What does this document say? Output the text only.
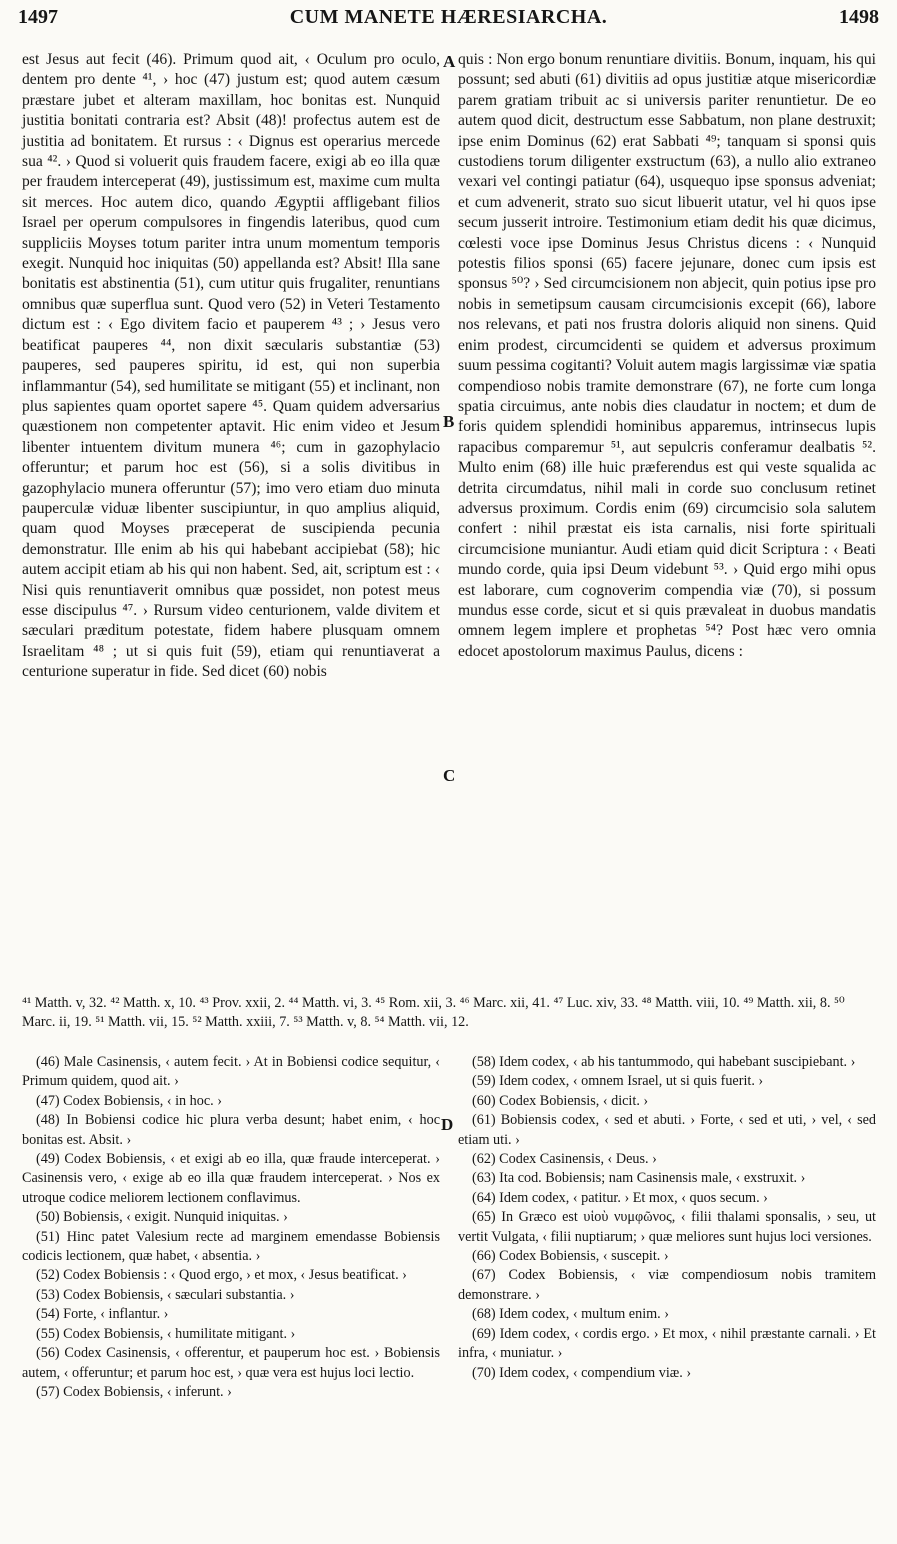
1497	CUM MANETE HÆRESIARCHA.	1498

est Jesus aut fecit (46). Primum quod ait, ‹ Oculum pro oculo, dentem pro dente ⁴¹, › hoc (47) justum est; quod autem cæsum præstare jubet et alteram maxillam, hoc bonitas est. Nunquid justitia bonitati contraria est? Absit (48)! profectus autem est de justitia ad bonitatem. Et rursus : ‹ Dignus est operarius mercede sua ⁴². › Quod si voluerit quis fraudem facere, exigi ab eo illa quæ per fraudem interceperat (49), justissimum est, maxime cum multa sit merces. Hoc autem dico, quando Ægyptii affligebant filios Israel per operum compulsores in fingendis lateribus, quod cum suppliciis Moyses totum pariter intra unum momentum temporis exegit. Nunquid hoc iniquitas (50) appellanda est? Absit! Illa sane bonitatis est abstinentia (51), cum utitur quis frugaliter, renuntians omnibus quæ superflua sunt. Quod vero (52) in Veteri Testamento dictum est : ‹ Ego divitem facio et pauperem ⁴³ ; › Jesus vero beatificat pauperes ⁴⁴, non dixit sæcularis substantiæ (53) pauperes, sed pauperes spiritu, id est, qui non superbia inflammantur (54), sed humilitate se mitigant (55) et inclinant, non plus sapientes quam oportet sapere ⁴⁵. Quam quidem adversarius quæstionem non competenter aptavit. Hic enim video et Jesum libenter intuentem divitum munera ⁴⁶; cum in gazophylacio offeruntur; et parum hoc est (56), si a solis divitibus in gazophylacio munera offeruntur (57); imo vero etiam duo minuta pauperculæ viduæ libenter suscipiuntur, in quo amplius aliquid, quam quod Moyses præceperat de suscipienda pecunia demonstratur. Ille enim ab his qui habebant accipiebat (58); hic autem accipit etiam ab his qui non habent. Sed, ait, scriptum est : ‹ Nisi quis renuntiaverit omnibus quæ possidet, non potest meus esse discipulus ⁴⁷. › Rursum video centurionem, valde divitem et sæculari præditum potestate, fidem habere plusquam omnem Israelitam ⁴⁸ ; ut si quis fuit (59), etiam qui renuntiaverat a centurione superatur in fide. Sed dicet (60) nobis

A
B
C
D

quis : Non ergo bonum renuntiare divitiis. Bonum, inquam, his qui possunt; sed abuti (61) divitiis ad opus justitiæ atque misericordiæ parem gratiam tribuit ac si universis pariter renuntietur. De eo autem quod dicit, destructum esse Sabbatum, non plane destruxit; ipse enim Dominus (62) erat Sabbati ⁴⁹; tanquam si sponsi quis custodiens torum diligenter exstructum (63), a nullo alio extraneo vexari vel contingi patiatur (64), usquequo ipse sponsus adveniat; et cum advenerit, strato suo sicut libuerit utatur, vel hi quos ipse secum jusserit introire. Testimonium etiam dedit his quæ dicimus, cœlesti voce ipse Dominus Jesus Christus dicens : ‹ Nunquid potestis filios sponsi (65) facere jejunare, donec cum ipsis est sponsus ⁵⁰? › Sed circumcisionem non abjecit, quin potius ipse pro nobis in semetipsum causam circumcisionis excepit (66), labore nos relevans, et pati nos frustra doloris aliquid non sinens. Quid enim prodest, circumcidenti se quidem et adversus proximum suum pessima cogitanti? Voluit autem magis largissimæ viæ spatia compendioso nobis tramite demonstrare (67), ne forte cum longa spatia circuimus, ante nobis dies claudatur in noctem; et dum de foris quidem splendidi hominibus apparemus, intrinsecus lupis rapacibus comparemur ⁵¹, aut sepulcris conferamur dealbatis ⁵². Multo enim (68) ille huic præferendus est qui veste squalida ac detrita circumdatus, nihil mali in corde suo conclusum retinet adversus proximum. Cordis enim (69) circumcisio sola salutem confert : nihil præstat eis ista carnalis, nisi forte spirituali circumcisione muniantur. Audi etiam quid dicit Scriptura : ‹ Beati mundo corde, quia ipsi Deum videbunt ⁵³. › Quid ergo mihi opus est laborare, cum cognoverim compendia viæ (70), si possum mundus esse corde, sicut et si quis prævaleat in duobus mandatis omnem legem implere et prophetas ⁵⁴? Post hæc vero omnia edocet apostolorum maximus Paulus, dicens :

⁴¹ Matth. v, 32. ⁴² Matth. x, 10. ⁴³ Prov. xxii, 2. ⁴⁴ Matth. vi, 3. ⁴⁵ Rom. xii, 3. ⁴⁶ Marc. xii, 41. ⁴⁷ Luc. xiv, 33. ⁴⁸ Matth. viii, 10. ⁴⁹ Matth. xii, 8. ⁵⁰ Marc. ii, 19. ⁵¹ Matth. vii, 15. ⁵² Matth. xxiii, 7. ⁵³ Matth. v, 8. ⁵⁴ Matth. vii, 12.

(46) Male Casinensis, ‹ autem fecit. › At in Bobiensi codice sequitur, ‹ Primum quidem, quod ait. ›

(47) Codex Bobiensis, ‹ in hoc. ›

(48) In Bobiensi codice hic plura verba desunt; habet enim, ‹ hoc bonitas est. Absit. ›

(49) Codex Bobiensis, ‹ et exigi ab eo illa, quæ fraude interceperat. › Casinensis vero, ‹ exige ab eo illa quæ fraudem interceperat. › Nos ex utroque codice meliorem lectionem conflavimus.

(50) Bobiensis, ‹ exigit. Nunquid iniquitas. ›

(51) Hinc patet Valesium recte ad marginem emendasse Bobiensis codicis lectionem, quæ habet, ‹ absentia. ›

(52) Codex Bobiensis : ‹ Quod ergo, › et mox, ‹ Jesus beatificat. ›

(53) Codex Bobiensis, ‹ sæculari substantia. ›

(54) Forte, ‹ inflantur. ›

(55) Codex Bobiensis, ‹ humilitate mitigant. ›

(56) Codex Casinensis, ‹ offerentur, et pauperum hoc est. › Bobiensis autem, ‹ offeruntur; et parum hoc est, › quæ vera est hujus loci lectio.

(57) Codex Bobiensis, ‹ inferunt. ›

(58) Idem codex, ‹ ab his tantummodo, qui habebant suscipiebant. ›

(59) Idem codex, ‹ omnem Israel, ut si quis fuerit. ›

(60) Codex Bobiensis, ‹ dicit. ›

(61) Bobiensis codex, ‹ sed et abuti. › Forte, ‹ sed et uti, › vel, ‹ sed etiam uti. ›

(62) Codex Casinensis, ‹ Deus. ›

(63) Ita cod. Bobiensis; nam Casinensis male, ‹ exstruxit. ›

(64) Idem codex, ‹ patitur. › Et mox, ‹ quos secum. ›

(65) In Græco est υἱοὺ νυμφῶνος, ‹ filii thalami sponsalis, › seu, ut vertit Vulgata, ‹ filii nuptiarum; › quæ meliores sunt hujus loci versiones.

(66) Codex Bobiensis, ‹ suscepit. ›

(67) Codex Bobiensis, ‹ viæ compendiosum nobis tramitem demonstrare. ›

(68) Idem codex, ‹ multum enim. ›

(69) Idem codex, ‹ cordis ergo. › Et mox, ‹ nihil præstante carnali. › Et infra, ‹ muniatur. ›

(70) Idem codex, ‹ compendium viæ. ›
